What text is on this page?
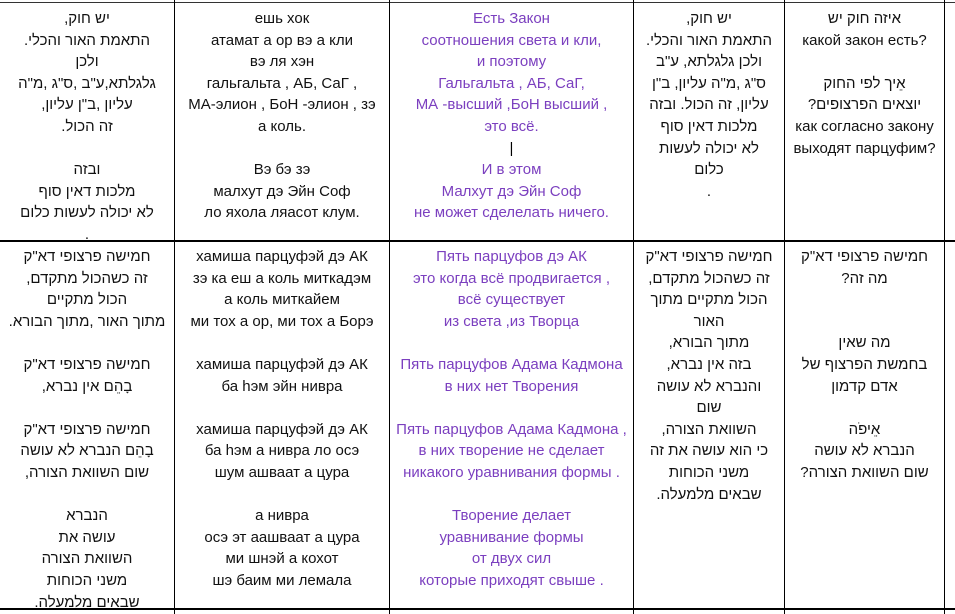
יש חוק,
התאמת האור והכלי.
ולכן
גלגלתא,ע"ב ,ס"ג ,מ"ה
עליון ,ב"ן עליון,
זה הכול.
ובזה
מלכות דאין סוף
לא יכולה לעשות כלום
.
ешь хок
атамат а ор вэ а кли
вэ ля хэн
гальгальта , АБ, СаГ ,
МА-элион , БоН -элион , зэ
а коль.
Вэ бэ зэ
малхут дэ Эйн Соф
ло яхола ляасот клум.
Есть Закон
соотношения света и кли,
и поэтому
Гальгальта , АБ, СаГ,
МА -высший ,БоН высший ,
это всё.
|
И в этом
Малхут дэ Эйн Соф
не может сделелать ничего.
יש חוק,
התאמת האור והכלי.
ולכן גלגלתא, ע"ב
ס"ג ,מ"ה עליון, ב"ן
עליון, זה הכול. ובזה
מלכות דאין סוף
לא יכולה לעשות
כלום
.
איזה חוק יש
какой закон есть?
אֵיך לפי החוק
יוצאים הפרצופים?
как согласно закону
выходят парцуфим?
חמישה פרצופי דא"ק
זה כשהכול מתקדם,
הכול מתקיים
מתוך האור ,מתוך הבורא.
חמישה פרצופי דא"ק
בָהֵם אין נברא,
חמישה פרצופי דא"ק
בָהֵם הנברא לא עושה
שום השוואת הצורה,
הנברא
עושה את
השוואת הצורה
משני הכוחות
שבאים מלמעלה.
хамиша парцуфэй дэ АК
зэ ка еш а коль миткадэм
а коль миткайем
ми тох а ор, ми тох а Борэ
хамиша парцуфэй дэ АК
ба hэм эйн нивра
хамиша парцуфэй дэ АК
ба hэм а нивра ло осэ
шум ашваат а цура
а нивра
осэ эт аашваат а цура
ми шнэй а кохот
шэ баим ми лемала
Пять парцуфов дэ АК
это когда всё продвигается ,
всё существует
из света ,из Творца
Пять парцуфов Адама Кадмона
в них нет Творения
Пять парцуфов Адама Кадмона ,
в них творение не сделает
никакого уравнивания формы .
Творение делает
уравнивание формы
от двух сил
которые приходят свыше .
חמישה פרצופי דא"ק
זה כשהכול מתקדם,
הכול מתקיים מתוך
האור
מתוך הבורא,
בזה אין נברא,
והנברא לא עושה
שום
השוואת הצורה,
כי הוא עושה את זה
משני הכוחות
שבאים מלמעלה.
חמישה פרצופי דא"ק
מה זה?
מה שאין
בחמשת הפרצוף של
אדם קדמון
אֵיפֹה
הנברא לא עושה
שום השוואת הצורה?
